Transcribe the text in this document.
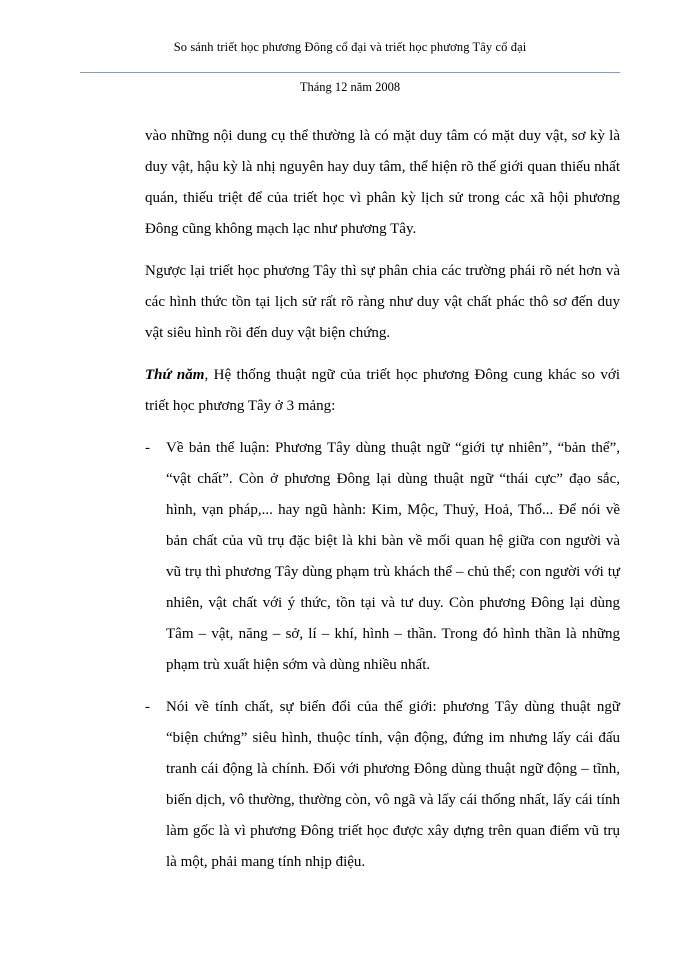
So sánh triết học phương Đông cổ đại và triết học phương Tây cổ đại
Tháng 12 năm 2008

vào những nội dung cụ thể thường là có mặt duy tâm có mặt duy vật, sơ kỳ là duy vật, hậu kỳ là nhị nguyên hay duy tâm, thể hiện rõ thế giới quan thiếu nhất quán, thiếu triệt để của triết học vì phân kỳ lịch sử trong các xã hội phương Đông cũng không mạch lạc như phương Tây.

Ngược lại triết học phương Tây thì sự phân chia các trường phái rõ nét hơn và các hình thức tồn tại lịch sử rất rõ ràng như duy vật chất phác thô sơ đến duy vật siêu hình rồi đến duy vật biện chứng.

Thứ năm, Hệ thống thuật ngữ của triết học phương Đông cung khác so với triết học phương Tây ở 3 mảng:

-	Về bản thể luận: Phương Tây dùng thuật ngữ “giới tự nhiên”, “bản thể”, “vật chất”. Còn ở phương Đông lại dùng thuật ngữ “thái cực” đạo sắc, hình, vạn pháp,... hay ngũ hành: Kim, Mộc, Thuỷ, Hoả, Thổ... Để nói về bản chất của vũ trụ đặc biệt là khi bàn về mối quan hệ giữa con người và vũ trụ thì phương Tây dùng phạm trù khách thể – chủ thể; con người với tự nhiên, vật chất với ý thức, tồn tại và tư duy. Còn phương Đông lại dùng Tâm – vật, năng – sở, lí – khí, hình – thần. Trong đó hình thần là những phạm trù xuất hiện sớm và dùng nhiều nhất.
-	Nói về tính chất, sự biến đổi của thế giới: phương Tây dùng thuật ngữ “biện chứng” siêu hình, thuộc tính, vận động, đứng im nhưng lấy cái đấu tranh cái động là chính. Đối với phương Đông dùng thuật ngữ động – tĩnh, biến dịch, vô thường, thường còn, vô ngã và lấy cái thống nhất, lấy cái tính làm gốc là vì phương Đông triết học được xây dựng trên quan điểm vũ trụ là một, phải mang tính nhịp điệu.
